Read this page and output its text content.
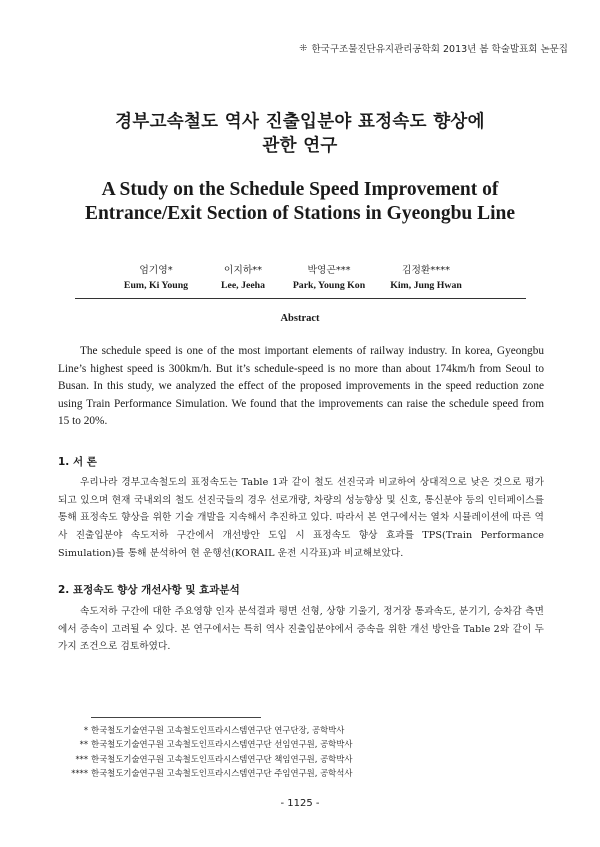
⁜ 한국구조물진단유지관리공학회 2013년 봄 학술발표회 논문집
경부고속철도 역사 진출입분야 표정속도 향상에
관한 연구
A Study on the Schedule Speed Improvement of
Entrance/Exit Section of Stations in Gyeongbu Line
엄기영*
Eum, Ki Young
이지하**
Lee, Jeeha
박영곤***
Park, Young Kon
김정환****
Kim, Jung Hwan
Abstract
The schedule speed is one of the most important elements of railway industry. In korea, Gyeongbu Line’s highest speed is 300km/h. But it’s schedule-speed is no more than about 174km/h from Seoul to Busan. In this study, we analyzed the effect of the proposed improvements in the speed reduction zone using Train Performance Simulation. We found that the improvements can raise the schedule speed from 15 to 20%.
1. 서 론
우리나라 경부고속철도의 표정속도는 Table 1과 같이 철도 선진국과 비교하여 상대적으로 낮은 것으로 평가되고 있으며 현재 국내외의 철도 선진국들의 경우 선로개량, 차량의 성능향상 및 신호, 통신분야 등의 인터페이스를 통해 표정속도 향상을 위한 기술 개발을 지속해서 추진하고 있다. 따라서 본 연구에서는 열차 시뮬레이션에 따른 역사 진출입분야 속도저하 구간에서 개선방안 도입 시 표정속도 향상 효과를 TPS(Train Performance Simulation)를 통해 분석하여 현 운행선(KORAIL 운전 시각표)과 비교해보았다.
2. 표정속도 향상 개선사항 및 효과분석
속도저하 구간에 대한 주요영향 인자 분석결과 평면 선형, 상향 기울기, 정거장 통과속도, 분기기, 승차감 측면에서 증속이 고려될 수 있다. 본 연구에서는 특히 역사 진출입분야에서 증속을 위한 개선 방안을 Table 2와 같이 두 가지 조건으로 검토하였다.
* 한국철도기술연구원 고속철도인프라시스템연구단 연구단장, 공학박사
** 한국철도기술연구원 고속철도인프라시스템연구단 선임연구원, 공학박사
*** 한국철도기술연구원 고속철도인프라시스템연구단 책임연구원, 공학박사
**** 한국철도기술연구원 고속철도인프라시스템연구단 주임연구원, 공학석사
- 1125 -
